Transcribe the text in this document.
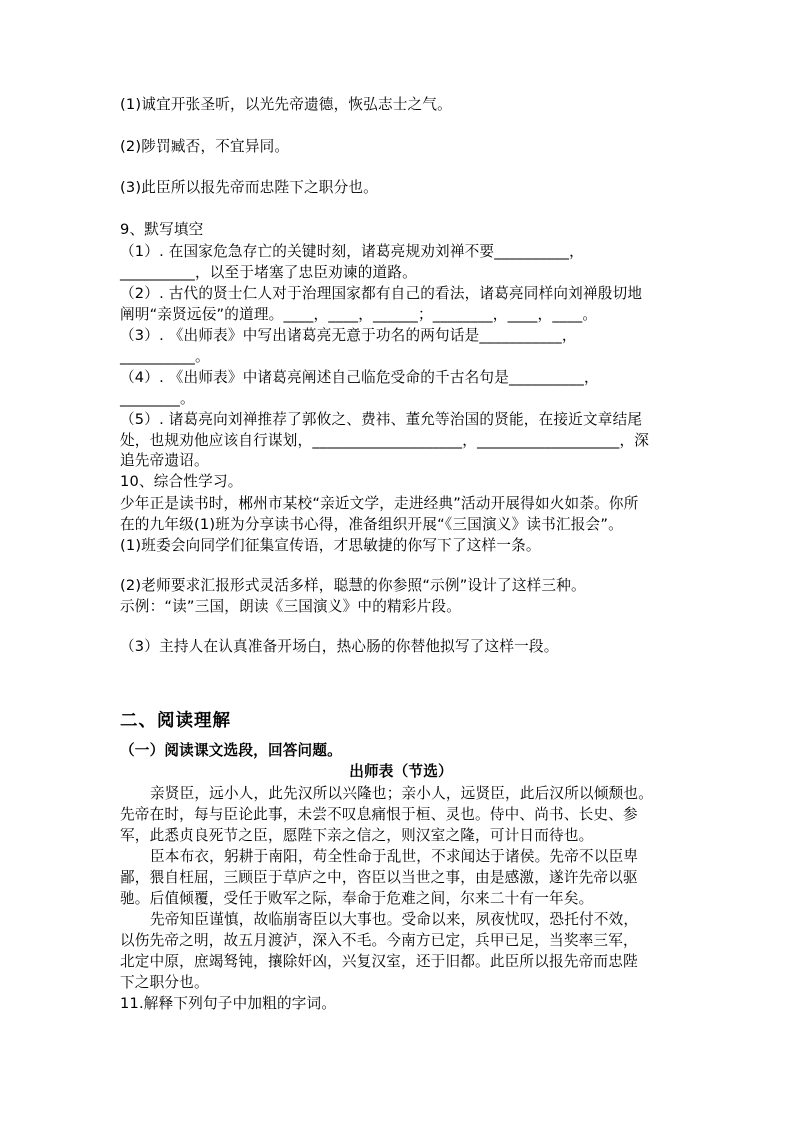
(1)诚宜开张圣听，以光先帝遗德，恢弘志士之气。
(2)陟罚臧否，不宜异同。
(3)此臣所以报先帝而忠陛下之职分也。
9、默写填空
（1）. 在国家危急存亡的关键时刻，诸葛亮规劝刘禅不要__________，
__________，以至于堵塞了忠臣劝谏的道路。
（2）. 古代的贤士仁人对于治理国家都有自己的看法，诸葛亮同样向刘禅殷切地
阐明“亲贤远佞”的道理。____，____，______；________，____，____。
（3）. 《出师表》中写出诸葛亮无意于功名的两句话是___________，
__________。
（4）. 《出师表》中诸葛亮阐述自己临危受命的千古名句是__________，
________。
（5）. 诸葛亮向刘禅推荐了郭攸之、费祎、董允等治国的贤能，在接近文章结尾
处，也规劝他应该自行谋划，____________________，___________________，深
追先帝遗诏。
10、综合性学习。
少年正是读书时，郴州市某校“亲近文学，走进经典”活动开展得如火如荼。你所
在的九年级(1)班为分享读书心得，准备组织开展“《三国演义》读书汇报会”。
(1)班委会向同学们征集宣传语，才思敏捷的你写下了这样一条。
(2)老师要求汇报形式灵活多样，聪慧的你参照“示例”设计了这样三种。
示例：“读”三国，朗读《三国演义》中的精彩片段。
（3）主持人在认真准备开场白，热心肠的你替他拟写了这样一段。
二、阅读理解
（一）阅读课文选段，回答问题。
出师表（节选）
亲贤臣，远小人，此先汉所以兴隆也；亲小人，远贤臣，此后汉所以倾颓也。
先帝在时，每与臣论此事，未尝不叹息痛恨于桓、灵也。侍中、尚书、长史、参
军，此悉贞良死节之臣，愿陛下亲之信之，则汉室之隆，可计日而待也。
臣本布衣，躬耕于南阳，苟全性命于乱世，不求闻达于诸侯。先帝不以臣卑
鄙，猥自枉屈，三顾臣于草庐之中，咨臣以当世之事，由是感激，遂许先帝以驱
驰。后值倾覆，受任于败军之际，奉命于危难之间，尔来二十有一年矣。
先帝知臣谨慎，故临崩寄臣以大事也。受命以来，夙夜忧叹，恐托付不效，
以伤先帝之明，故五月渡泸，深入不毛。今南方已定，兵甲已足，当奖率三军，
北定中原，庶竭驽钝，攘除奸凶，兴复汉室，还于旧都。此臣所以报先帝而忠陛
下之职分也。
11.解释下列句子中加粗的字词。
